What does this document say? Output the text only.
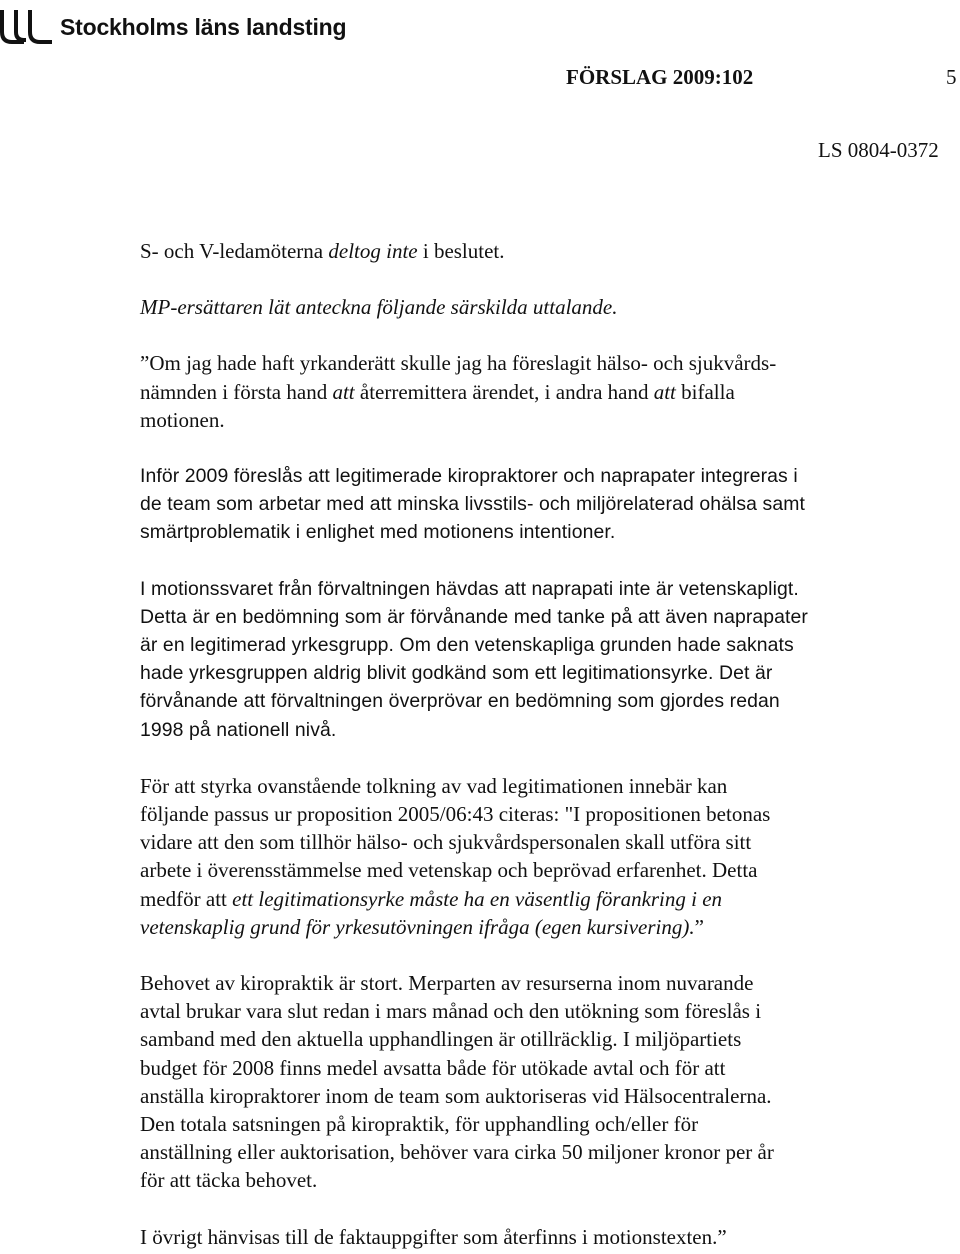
Stockholms läns landsting
FÖRSLAG 2009:102	5
LS 0804-0372

S- och V-ledamöterna deltog inte i beslutet.

MP-ersättaren lät anteckna följande särskilda uttalande.

”Om jag hade haft yrkanderätt skulle jag ha föreslagit hälso- och sjukvårds-
nämnden i första hand att återremittera ärendet, i andra hand att bifalla
motionen.

Inför 2009 föreslås att legitimerade kiropraktorer och naprapater integreras i
de team som arbetar med att minska livsstils- och miljörelaterad ohälsa samt
smärtproblematik i enlighet med motionens intentioner.

I motionssvaret från förvaltningen hävdas att naprapati inte är vetenskapligt.
Detta är en bedömning som är förvånande med tanke på att även naprapater
är en legitimerad yrkesgrupp. Om den vetenskapliga grunden hade saknats
hade yrkesgruppen aldrig blivit godkänd som ett legitimationsyrke. Det är
förvånande att förvaltningen överprövar en bedömning som gjordes redan
1998 på nationell nivå.

För att styrka ovanstående tolkning av vad legitimationen innebär kan
följande passus ur proposition 2005/06:43 citeras: "I propositionen betonas
vidare att den som tillhör hälso- och sjukvårdspersonalen skall utföra sitt
arbete i överensstämmelse med vetenskap och beprövad erfarenhet. Detta
medför att ett legitimationsyrke måste ha en väsentlig förankring i en
vetenskaplig grund för yrkesutövningen ifråga (egen kursivering).”

Behovet av kiropraktik är stort. Merparten av resurserna inom nuvarande
avtal brukar vara slut redan i mars månad och den utökning som föreslås i
samband med den aktuella upphandlingen är otillräcklig. I miljöpartiets
budget för 2008 finns medel avsatta både för utökade avtal och för att
anställa kiropraktorer inom de team som auktoriseras vid Hälsocentralerna.
Den totala satsningen på kiropraktik, för upphandling och/eller för
anställning eller auktorisation, behöver vara cirka 50 miljoner kronor per år
för att täcka behovet.

I övrigt hänvisas till de faktauppgifter som återfinns i motionstexten.”
